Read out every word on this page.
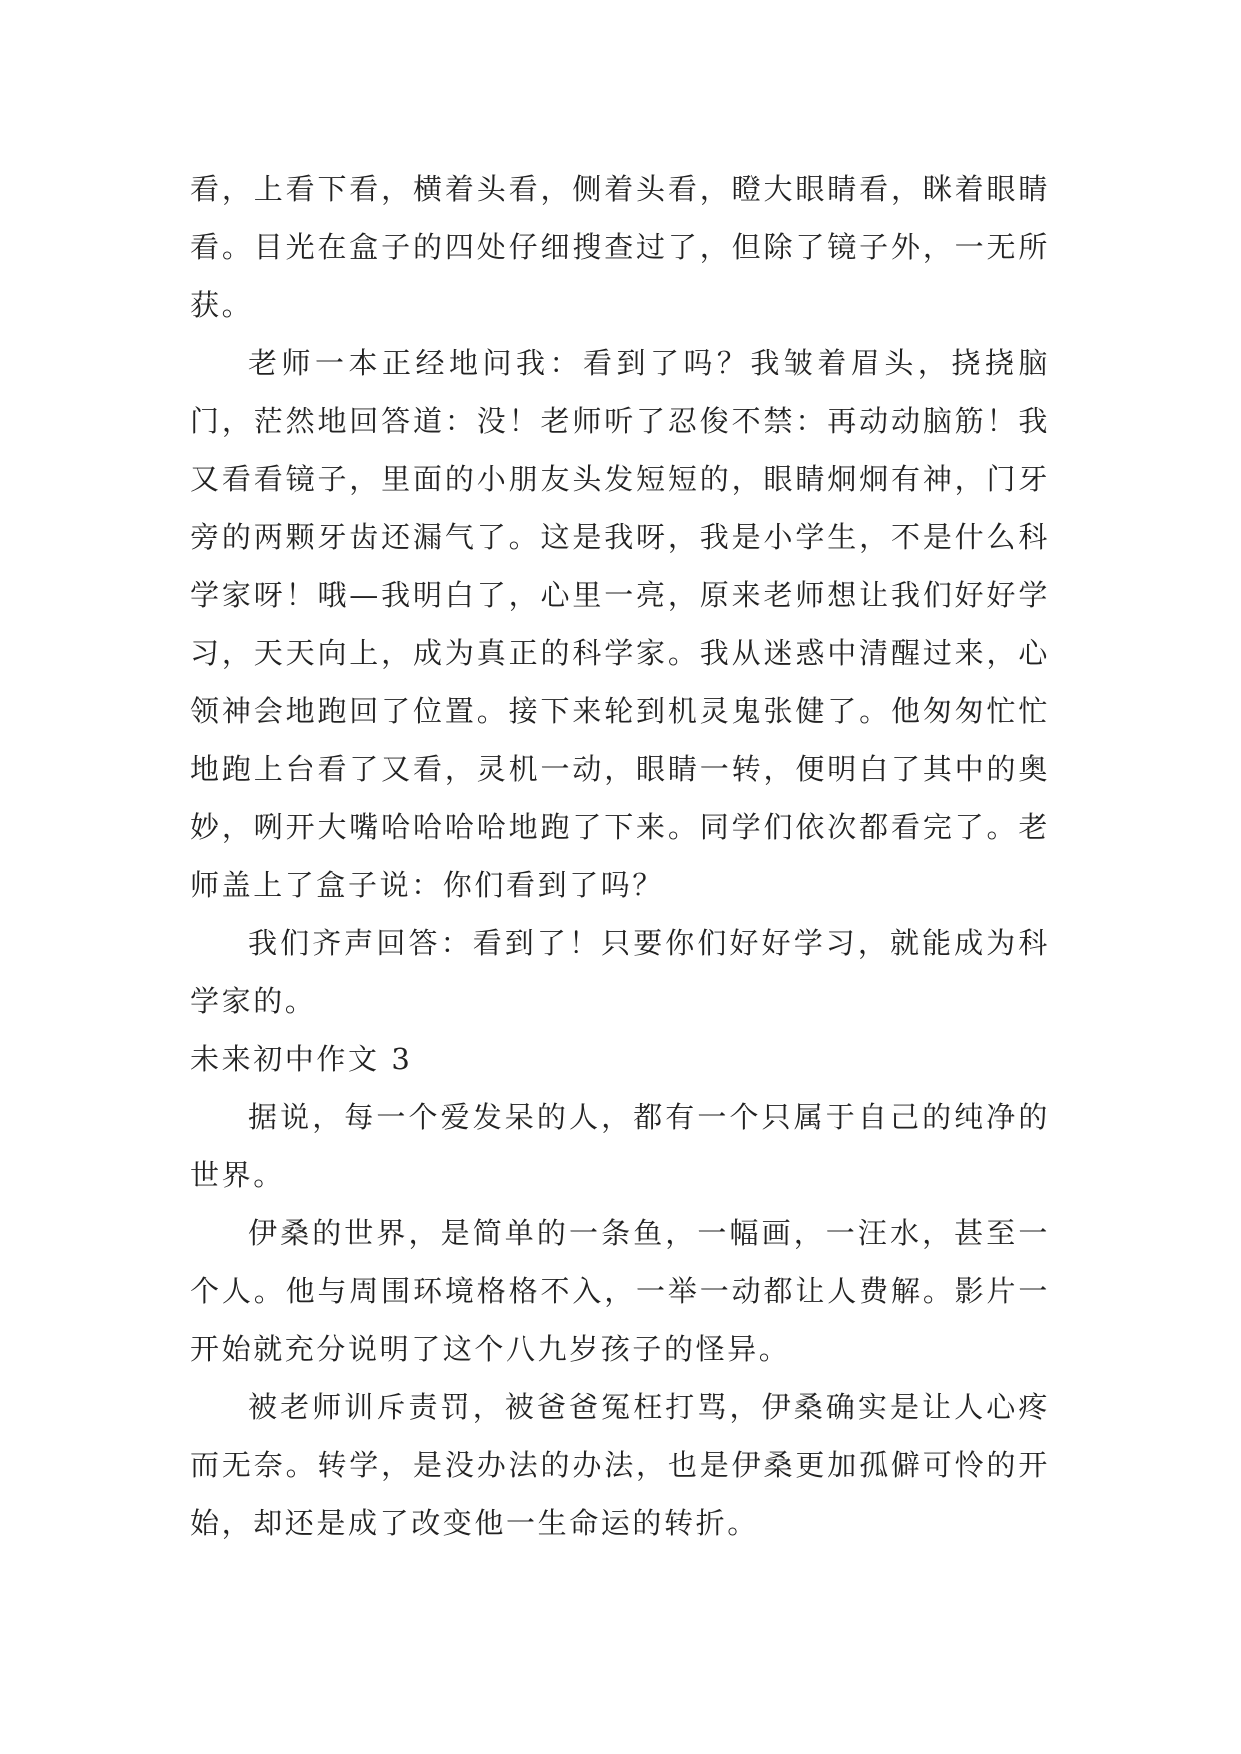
看，上看下看，横着头看，侧着头看，瞪大眼睛看，眯着眼睛看。目光在盒子的四处仔细搜查过了，但除了镜子外，一无所获。

老师一本正经地问我：看到了吗？我皱着眉头，挠挠脑门，茫然地回答道：没！老师听了忍俊不禁：再动动脑筋！我又看看镜子，里面的小朋友头发短短的，眼睛炯炯有神，门牙旁的两颗牙齿还漏气了。这是我呀，我是小学生，不是什么科学家呀！哦—我明白了，心里一亮，原来老师想让我们好好学习，天天向上，成为真正的科学家。我从迷惑中清醒过来，心领神会地跑回了位置。接下来轮到机灵鬼张健了。他匆匆忙忙地跑上台看了又看，灵机一动，眼睛一转，便明白了其中的奥妙，咧开大嘴哈哈哈哈地跑了下来。同学们依次都看完了。老师盖上了盒子说：你们看到了吗？

我们齐声回答：看到了！只要你们好好学习，就能成为科学家的。

未来初中作文 3

据说，每一个爱发呆的人，都有一个只属于自己的纯净的世界。

伊桑的世界，是简单的一条鱼，一幅画，一汪水，甚至一个人。他与周围环境格格不入，一举一动都让人费解。影片一开始就充分说明了这个八九岁孩子的怪异。

被老师训斥责罚，被爸爸冤枉打骂，伊桑确实是让人心疼而无奈。转学，是没办法的办法，也是伊桑更加孤僻可怜的开始，却还是成了改变他一生命运的转折。
